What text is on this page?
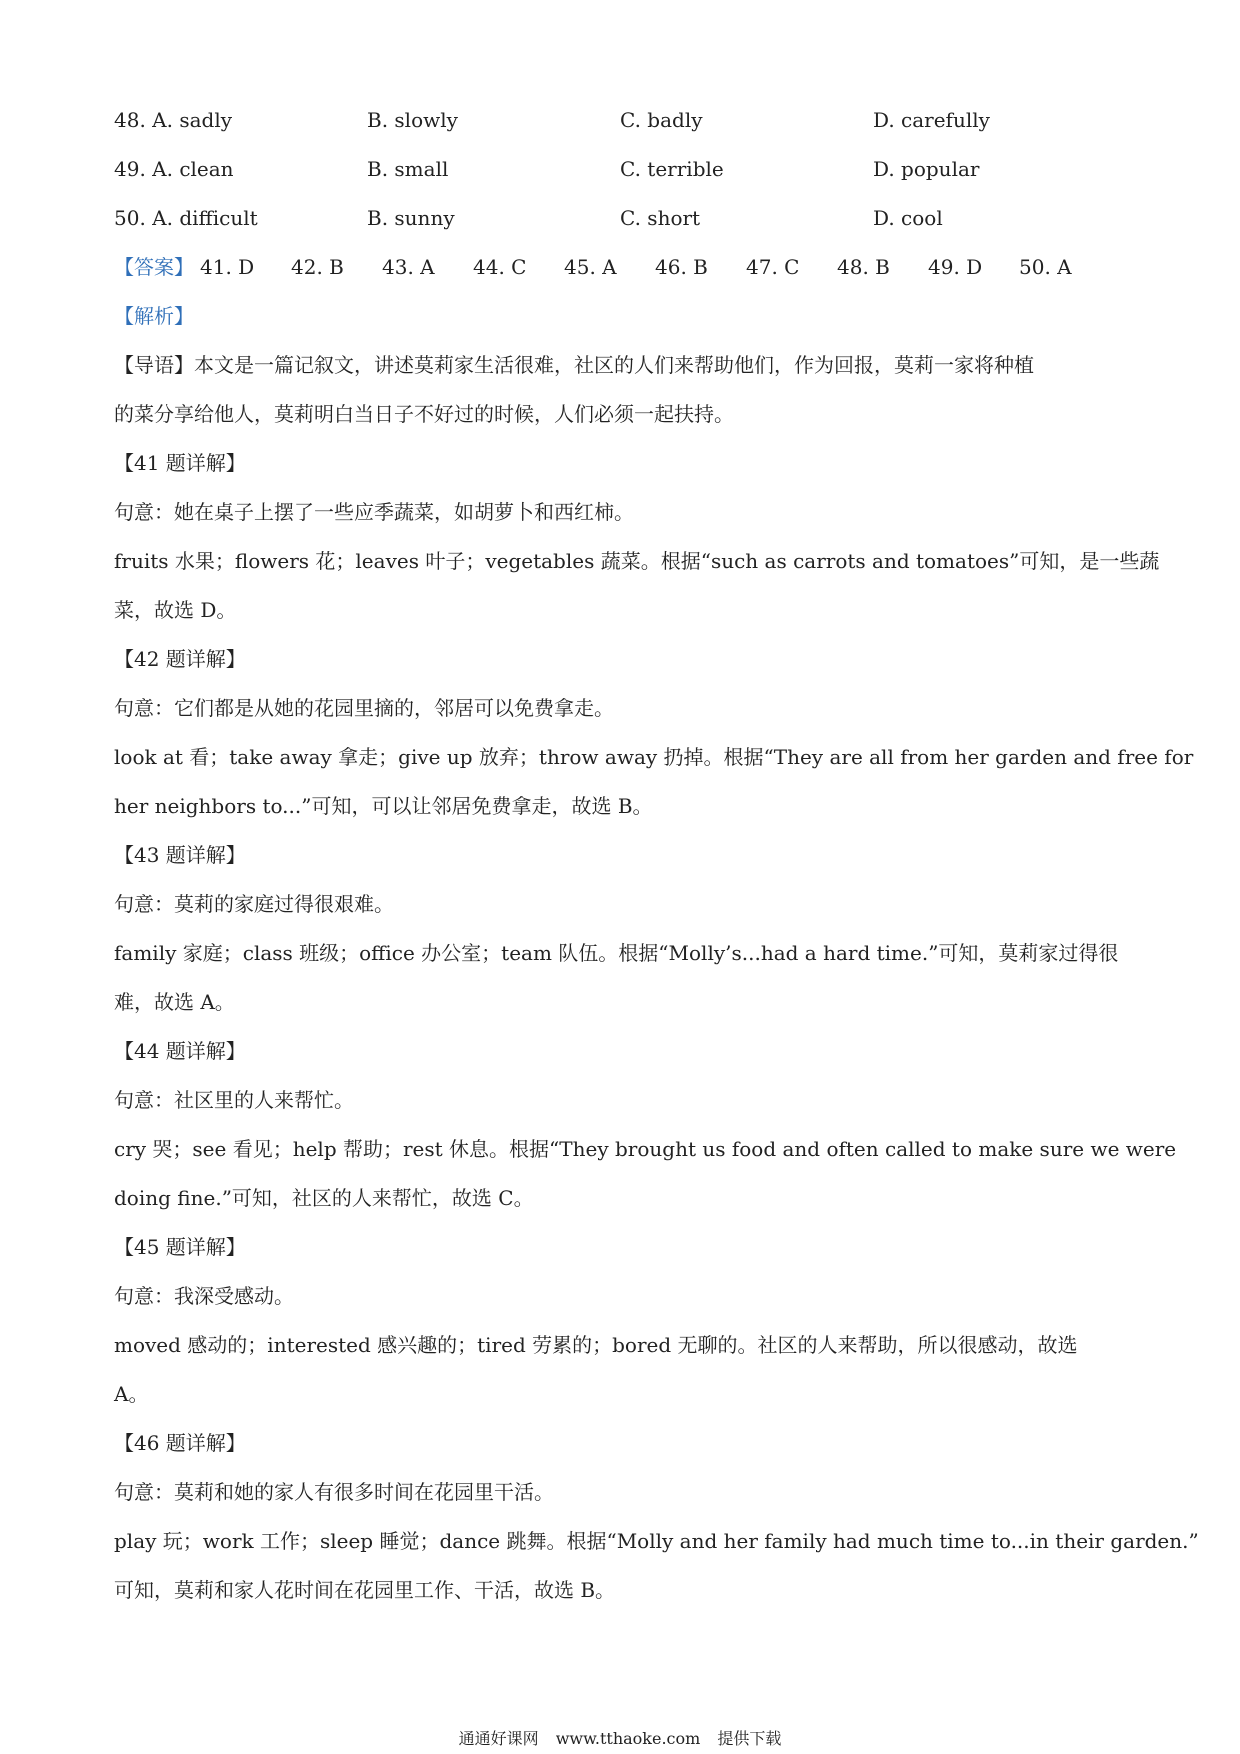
48. A. sadly	B. slowly	C. badly	D. carefully
49. A. clean	B. small	C. terrible	D. popular
50. A. difficult	B. sunny	C. short	D. cool
【答案】 41. D 42. B 43. A 44. C 45. A 46. B 47. C 48. B 49. D 50. A
【解析】
【导语】本文是一篇记叙文，讲述莫莉家生活很难，社区的人们来帮助他们，作为回报，莫莉一家将种植
的菜分享给他人，莫莉明白当日子不好过的时候，人们必须一起扶持。
【41 题详解】
句意：她在桌子上摆了一些应季蔬菜，如胡萝卜和西红柿。
fruits 水果；flowers 花；leaves 叶子；vegetables 蔬菜。根据“such as carrots and tomatoes”可知，是一些蔬
菜，故选 D。
【42 题详解】
句意：它们都是从她的花园里摘的，邻居可以免费拿走。
look at 看；take away 拿走；give up 放弃；throw away 扔掉。根据“They are all from her garden and free for
her neighbors to...”可知，可以让邻居免费拿走，故选 B。
【43 题详解】
句意：莫莉的家庭过得很艰难。
family 家庭；class 班级；office 办公室；team 队伍。根据“Molly’s...had a hard time.”可知，莫莉家过得很
难，故选 A。
【44 题详解】
句意：社区里的人来帮忙。
cry 哭；see 看见；help 帮助；rest 休息。根据“They brought us food and often called to make sure we were
doing fine.”可知，社区的人来帮忙，故选 C。
【45 题详解】
句意：我深受感动。
moved 感动的；interested 感兴趣的；tired 劳累的；bored 无聊的。社区的人来帮助，所以很感动，故选
A。
【46 题详解】
句意：莫莉和她的家人有很多时间在花园里干活。
play 玩；work 工作；sleep 睡觉；dance 跳舞。根据“Molly and her family had much time to...in their garden.”
可知，莫莉和家人花时间在花园里工作、干活，故选 B。
通通好课网 www.tthaoke.com 提供下载
